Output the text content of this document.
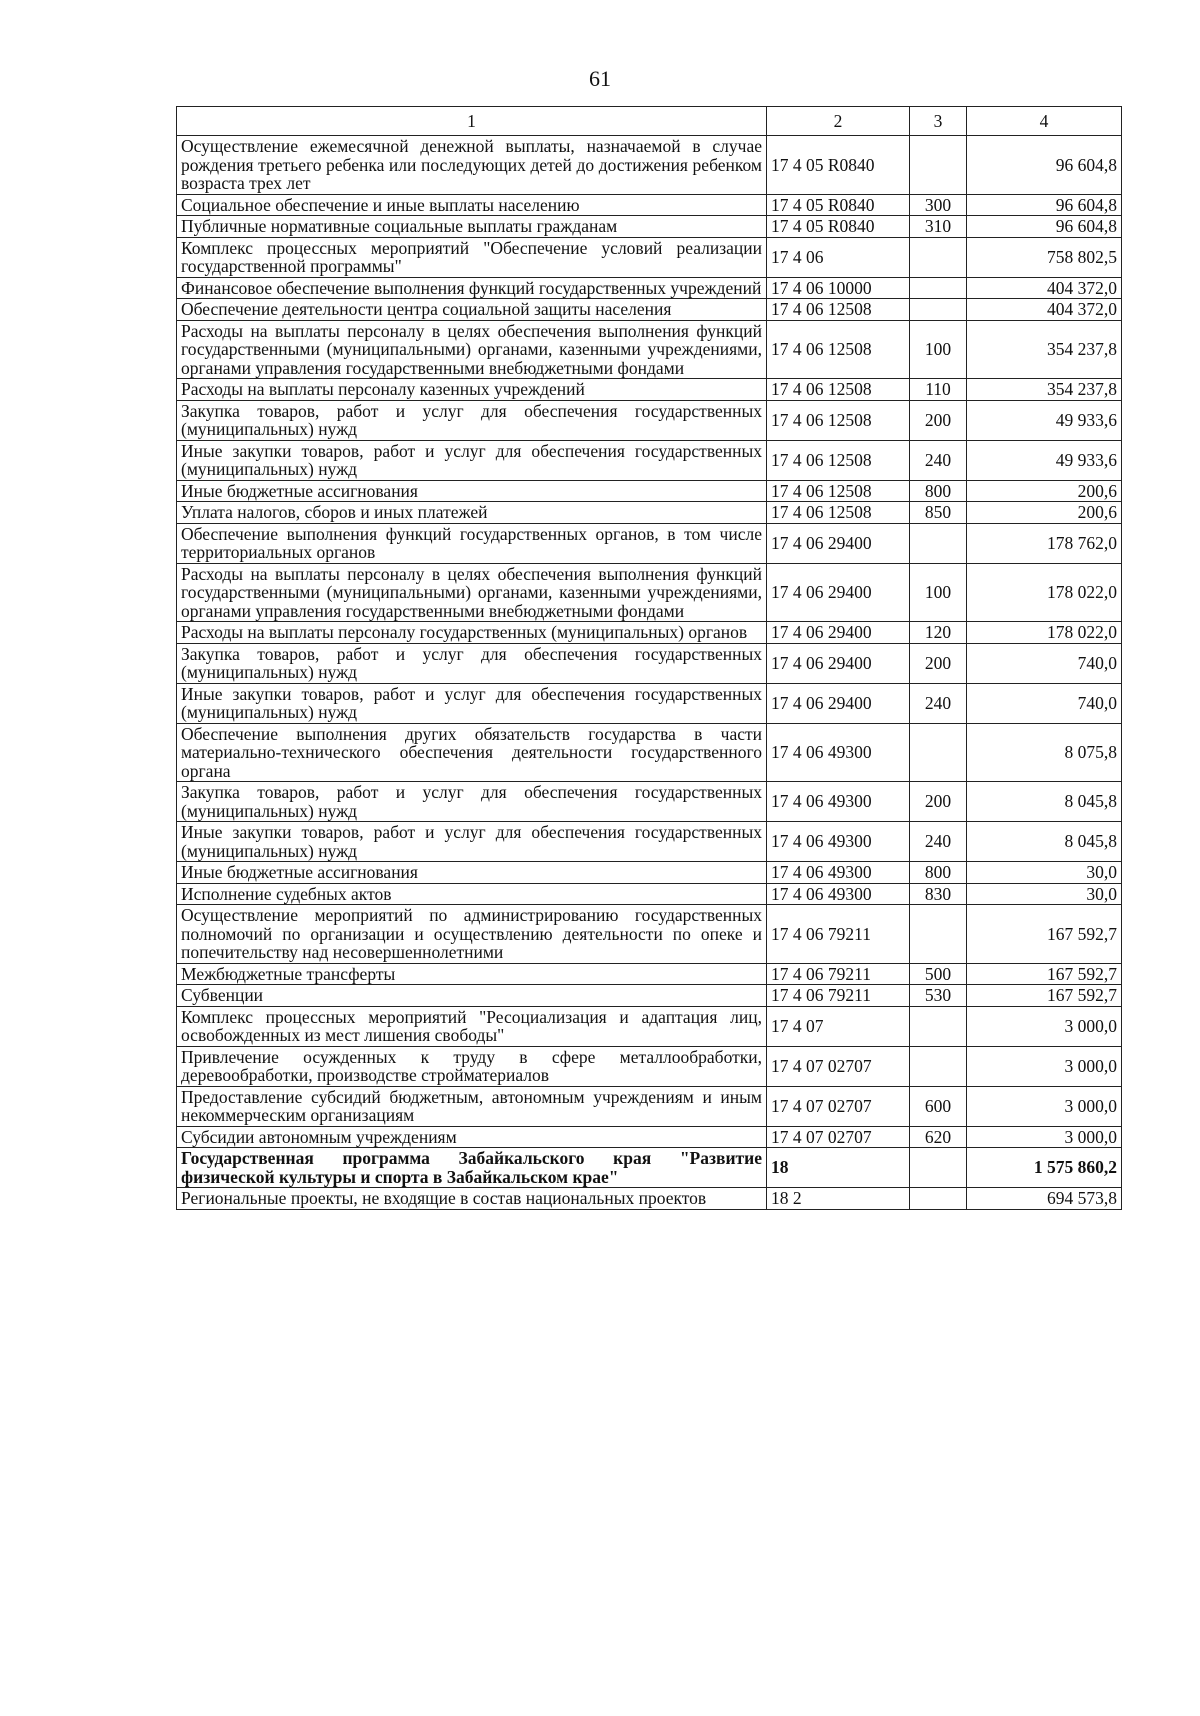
61
1	2	3	4
Осуществление ежемесячной денежной выплаты, назначаемой в случае рождения третьего ребенка или последующих детей до достижения ребенком возраста трех лет	17 4 05 R0840		96 604,8
Социальное обеспечение и иные выплаты населению	17 4 05 R0840	300	96 604,8
Публичные нормативные социальные выплаты гражданам	17 4 05 R0840	310	96 604,8
Комплекс процессных мероприятий "Обеспечение условий реализации государственной программы"	17 4 06		758 802,5
Финансовое обеспечение выполнения функций государственных учреждений	17 4 06 10000		404 372,0
Обеспечение деятельности центра социальной защиты населения	17 4 06 12508		404 372,0
Расходы на выплаты персоналу в целях обеспечения выполнения функций государственными (муниципальными) органами, казенными учреждениями, органами управления государственными внебюджетными фондами	17 4 06 12508	100	354 237,8
Расходы на выплаты персоналу казенных учреждений	17 4 06 12508	110	354 237,8
Закупка товаров, работ и услуг для обеспечения государственных (муниципальных) нужд	17 4 06 12508	200	49 933,6
Иные закупки товаров, работ и услуг для обеспечения государственных (муниципальных) нужд	17 4 06 12508	240	49 933,6
Иные бюджетные ассигнования	17 4 06 12508	800	200,6
Уплата налогов, сборов и иных платежей	17 4 06 12508	850	200,6
Обеспечение выполнения функций государственных органов, в том числе территориальных органов	17 4 06 29400		178 762,0
Расходы на выплаты персоналу в целях обеспечения выполнения функций государственными (муниципальными) органами, казенными учреждениями, органами управления государственными внебюджетными фондами	17 4 06 29400	100	178 022,0
Расходы на выплаты персоналу государственных (муниципальных) органов	17 4 06 29400	120	178 022,0
Закупка товаров, работ и услуг для обеспечения государственных (муниципальных) нужд	17 4 06 29400	200	740,0
Иные закупки товаров, работ и услуг для обеспечения государственных (муниципальных) нужд	17 4 06 29400	240	740,0
Обеспечение выполнения других обязательств государства в части материально-технического обеспечения деятельности государственного органа	17 4 06 49300		8 075,8
Закупка товаров, работ и услуг для обеспечения государственных (муниципальных) нужд	17 4 06 49300	200	8 045,8
Иные закупки товаров, работ и услуг для обеспечения государственных (муниципальных) нужд	17 4 06 49300	240	8 045,8
Иные бюджетные ассигнования	17 4 06 49300	800	30,0
Исполнение судебных актов	17 4 06 49300	830	30,0
Осуществление мероприятий по администрированию государственных полномочий по организации и осуществлению деятельности по опеке и попечительству над несовершеннолетними	17 4 06 79211		167 592,7
Межбюджетные трансферты	17 4 06 79211	500	167 592,7
Субвенции	17 4 06 79211	530	167 592,7
Комплекс процессных мероприятий "Ресоциализация и адаптация лиц, освобожденных из мест лишения свободы"	17 4 07		3 000,0
Привлечение осужденных к труду в сфере металлообработки, деревообработки, производстве стройматериалов	17 4 07 02707		3 000,0
Предоставление субсидий бюджетным, автономным учреждениям и иным некоммерческим организациям	17 4 07 02707	600	3 000,0
Субсидии автономным учреждениям	17 4 07 02707	620	3 000,0
Государственная программа Забайкальского края "Развитие физической культуры и спорта в Забайкальском крае"	18		1 575 860,2
Региональные проекты, не входящие в состав национальных проектов	18 2		694 573,8
